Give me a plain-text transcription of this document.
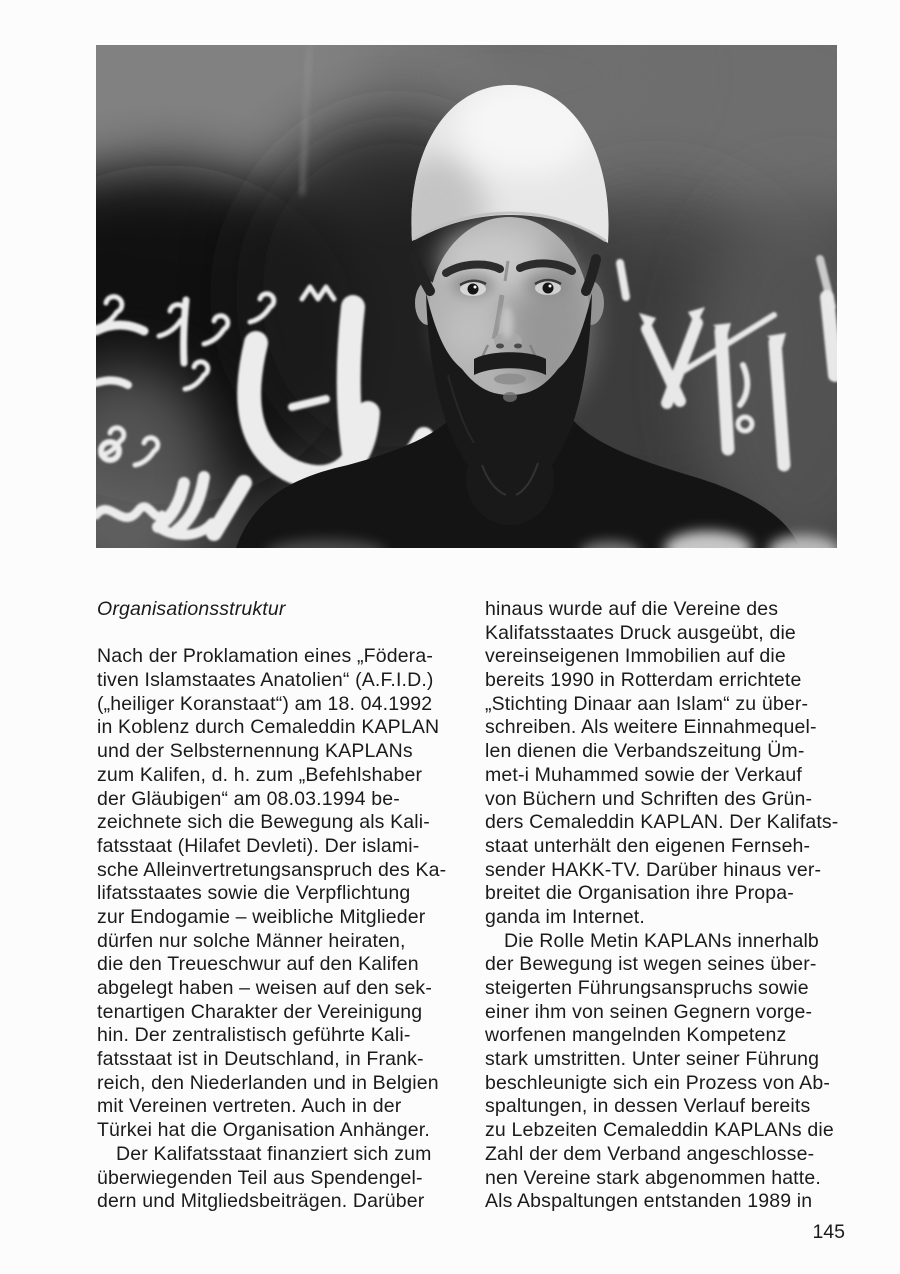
Organisationsstruktur
Nach der Proklamation eines „Födera-
tiven Islamstaates Anatolien“ (A.F.I.D.)
(„heiliger Koranstaat“) am 18. 04.1992
in Koblenz durch Cemaleddin KAPLAN
und der Selbsternennung KAPLANs
zum Kalifen, d. h. zum „Befehlshaber
der Gläubigen“ am 08.03.1994 be-
zeichnete sich die Bewegung als Kali-
fatsstaat (Hilafet Devleti). Der islami-
sche Alleinvertretungsanspruch des Ka-
lifatsstaates sowie die Verpflichtung
zur Endogamie – weibliche Mitglieder
dürfen nur solche Männer heiraten,
die den Treueschwur auf den Kalifen
abgelegt haben – weisen auf den sek-
tenartigen Charakter der Vereinigung
hin. Der zentralistisch geführte Kali-
fatsstaat ist in Deutschland, in Frank-
reich, den Niederlanden und in Belgien
mit Vereinen vertreten. Auch in der
Türkei hat die Organisation Anhänger.
Der Kalifatsstaat finanziert sich zum
überwiegenden Teil aus Spendengel-
dern und Mitgliedsbeiträgen. Darüber
hinaus wurde auf die Vereine des
Kalifatsstaates Druck ausgeübt, die
vereinseigenen Immobilien auf die
bereits 1990 in Rotterdam errichtete
„Stichting Dinaar aan Islam“ zu über-
schreiben. Als weitere Einnahmequel-
len dienen die Verbandszeitung Üm-
met-i Muhammed sowie der Verkauf
von Büchern und Schriften des Grün-
ders Cemaleddin KAPLAN. Der Kalifats-
staat unterhält den eigenen Fernseh-
sender HAKK-TV. Darüber hinaus ver-
breitet die Organisation ihre Propa-
ganda im Internet.
Die Rolle Metin KAPLANs innerhalb
der Bewegung ist wegen seines über-
steigerten Führungsanspruchs sowie
einer ihm von seinen Gegnern vorge-
worfenen mangelnden Kompetenz
stark umstritten. Unter seiner Führung
beschleunigte sich ein Prozess von Ab-
spaltungen, in dessen Verlauf bereits
zu Lebzeiten Cemaleddin KAPLANs die
Zahl der dem Verband angeschlosse-
nen Vereine stark abgenommen hatte.
Als Abspaltungen entstanden 1989 in
145
